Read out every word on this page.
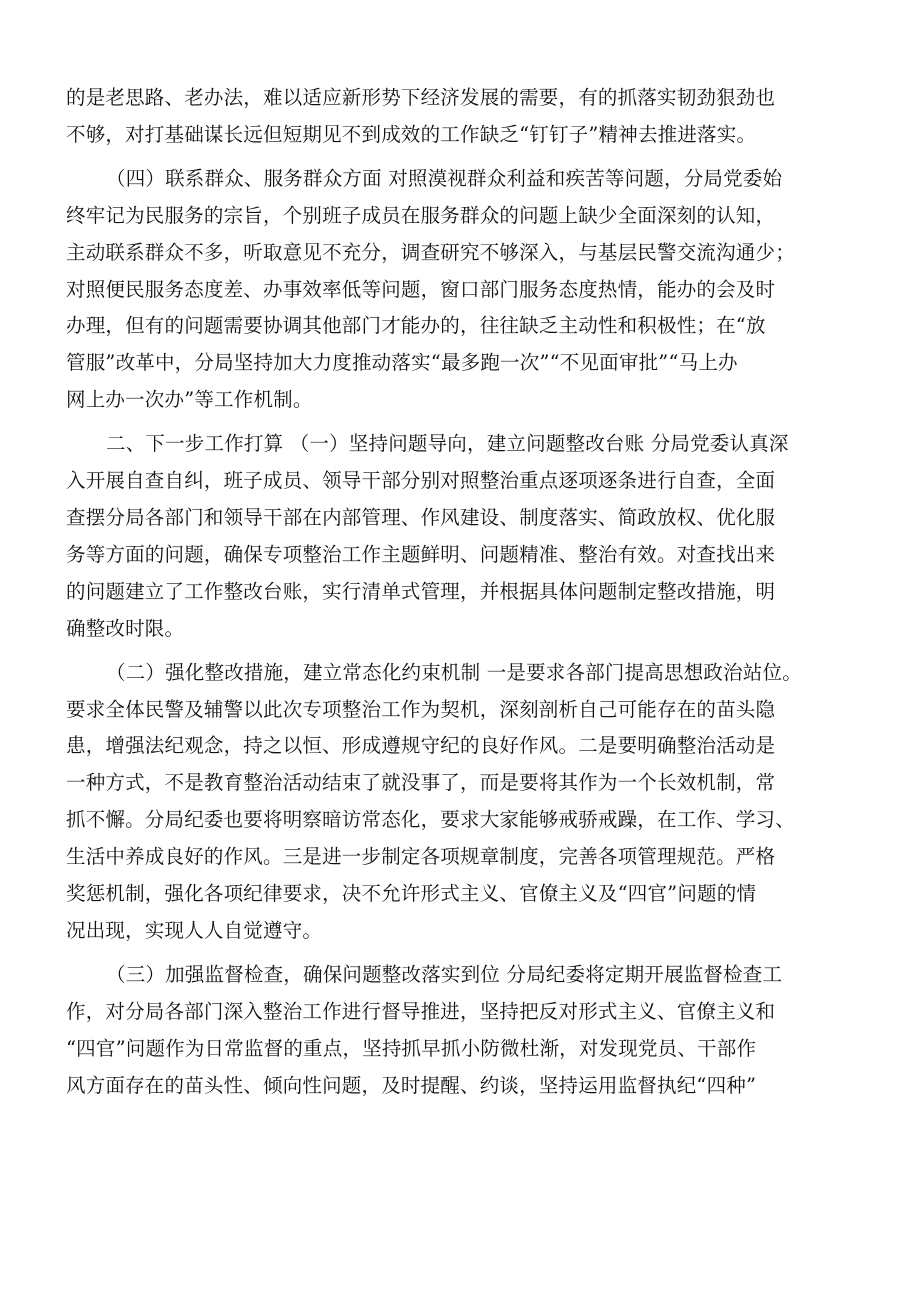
的是老思路、老办法，难以适应新形势下经济发展的需要，有的抓落实韧劲狠劲也
不够，对打基础谋长远但短期见不到成效的工作缺乏“钉钉子”精神去推进落实。
（四）联系群众、服务群众方面 对照漠视群众利益和疾苦等问题，分局党委始
终牢记为民服务的宗旨，个别班子成员在服务群众的问题上缺少全面深刻的认知，
主动联系群众不多，听取意见不充分，调查研究不够深入，与基层民警交流沟通少；
对照便民服务态度差、办事效率低等问题，窗口部门服务态度热情，能办的会及时
办理，但有的问题需要协调其他部门才能办的，往往缺乏主动性和积极性；在“放
管服”改革中，分局坚持加大力度推动落实“最多跑一次”“不见面审批”“马上办
网上办一次办”等工作机制。
二、下一步工作打算 （一）坚持问题导向，建立问题整改台账 分局党委认真深
入开展自查自纠，班子成员、领导干部分别对照整治重点逐项逐条进行自查，全面
查摆分局各部门和领导干部在内部管理、作风建设、制度落实、简政放权、优化服
务等方面的问题，确保专项整治工作主题鲜明、问题精准、整治有效。对查找出来
的问题建立了工作整改台账，实行清单式管理，并根据具体问题制定整改措施，明
确整改时限。
（二）强化整改措施，建立常态化约束机制 一是要求各部门提高思想政治站位。
要求全体民警及辅警以此次专项整治工作为契机，深刻剖析自己可能存在的苗头隐
患，增强法纪观念，持之以恒、形成遵规守纪的良好作风。二是要明确整治活动是
一种方式，不是教育整治活动结束了就没事了，而是要将其作为一个长效机制，常
抓不懈。分局纪委也要将明察暗访常态化，要求大家能够戒骄戒躁，在工作、学习、
生活中养成良好的作风。三是进一步制定各项规章制度，完善各项管理规范。严格
奖惩机制，强化各项纪律要求，决不允许形式主义、官僚主义及“四官”问题的情
况出现，实现人人自觉遵守。
（三）加强监督检查，确保问题整改落实到位 分局纪委将定期开展监督检查工
作，对分局各部门深入整治工作进行督导推进，坚持把反对形式主义、官僚主义和
“四官”问题作为日常监督的重点，坚持抓早抓小防微杜渐，对发现党员、干部作
风方面存在的苗头性、倾向性问题，及时提醒、约谈，坚持运用监督执纪“四种”
